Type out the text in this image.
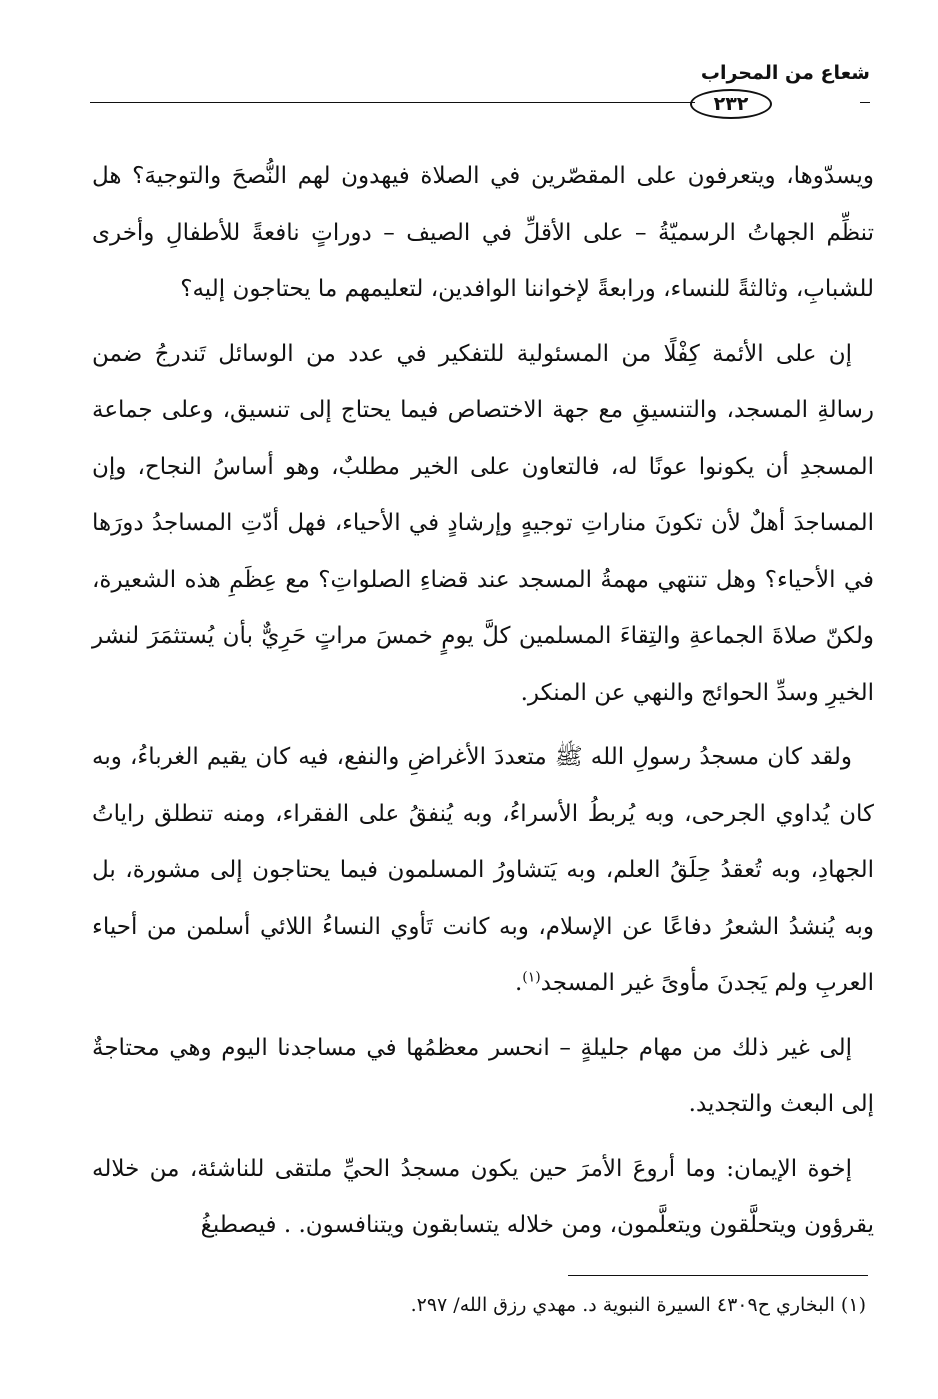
شعاع من المحراب
٢٣٢

ويسدّوها، ويتعرفون على المقصّرين في الصلاة فيهدون لهم النُّصحَ والتوجيهَ؟ هل تنظِّم الجهاتُ الرسميّةُ – على الأقلِّ في الصيف – دوراتٍ نافعةً للأطفالِ وأخرى للشبابِ، وثالثةً للنساء، ورابعةً لإخواننا الوافدين، لتعليمهم ما يحتاجون إليه؟

إن على الأئمة كِفْلًا من المسئولية للتفكير في عدد من الوسائل تَندرجُ ضمن رسالةِ المسجد، والتنسيقِ مع جهة الاختصاص فيما يحتاج إلى تنسيق، وعلى جماعة المسجدِ أن يكونوا عونًا له، فالتعاون على الخير مطلبٌ، وهو أساسُ النجاح، وإن المساجدَ أهلٌ لأن تكونَ مناراتِ توجيهٍ وإرشادٍ في الأحياء، فهل أدّتِ المساجدُ دورَها في الأحياء؟ وهل تنتهي مهمةُ المسجد عند قضاءِ الصلواتِ؟ مع عِظَمِ هذه الشعيرة، ولكنّ صلاةَ الجماعةِ والتِقاءَ المسلمين كلَّ يومٍ خمسَ مراتٍ حَرِيٌّ بأن يُستثمَرَ لنشر الخيرِ وسدِّ الحوائج والنهي عن المنكر.

ولقد كان مسجدُ رسولِ الله ﷺ متعددَ الأغراضِ والنفع، فيه كان يقيم الغرباءُ، وبه كان يُداوي الجرحى، وبه يُربطُ الأسراءُ، وبه يُنفقُ على الفقراء، ومنه تنطلق راياتُ الجهادِ، وبه تُعقدُ حِلَقُ العلم، وبه يَتشاورُ المسلمون فيما يحتاجون إلى مشورة، بل وبه يُنشدُ الشعرُ دفاعًا عن الإسلام، وبه كانت تَأوي النساءُ اللائي أسلمن من أحياء العربِ ولم يَجدنَ مأوىً غير المسجد$^{(١)}$.

إلى غير ذلك من مهام جليلةٍ – انحسر معظمُها في مساجدنا اليوم وهي محتاجةٌ إلى البعث والتجديد.

إخوة الإيمان: وما أروعَ الأمرَ حين يكون مسجدُ الحيِّ ملتقى للناشئة، من خلاله يقرؤون ويتحلَّقون ويتعلَّمون، ومن خلاله يتسابقون ويتنافسون. . فيصطبغُ

(١) البخاري ح٤٣٠٩ السيرة النبوية د. مهدي رزق الله/ ٢٩٧.
